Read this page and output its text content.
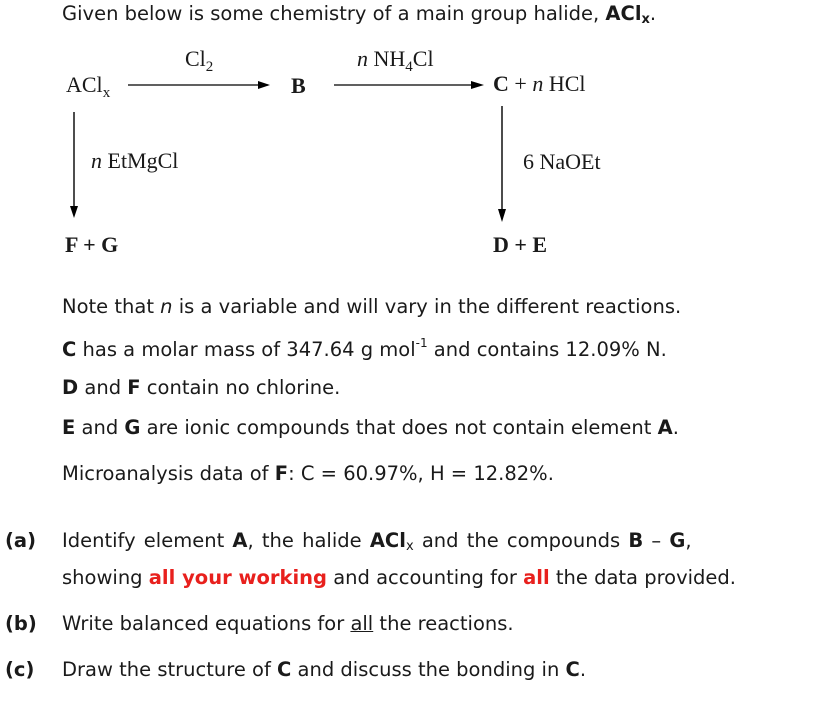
Given below is some chemistry of a main group halide, ACl$_x$.
ACl$_x$
$Cl_2$
B
n $NH_4Cl$
C + n HCl
n EtMgCl	6 NaOEt
F + G	D + E
Note that n is a variable and will vary in the different reactions.
C has a molar mass of 347.64 g mol$^{-1}$ and contains 12.09% N.
D and F contain no chlorine.
E and G are ionic compounds that does not contain element A.
Microanalysis data of F: C = 60.97%, H = 12.82%.
(a) Identify element A, the halide ACl$_x$ and the compounds B – G,
showing all your working and accounting for all the data provided.
(b) Write balanced equations for all the reactions.
(c) Draw the structure of C and discuss the bonding in C.
